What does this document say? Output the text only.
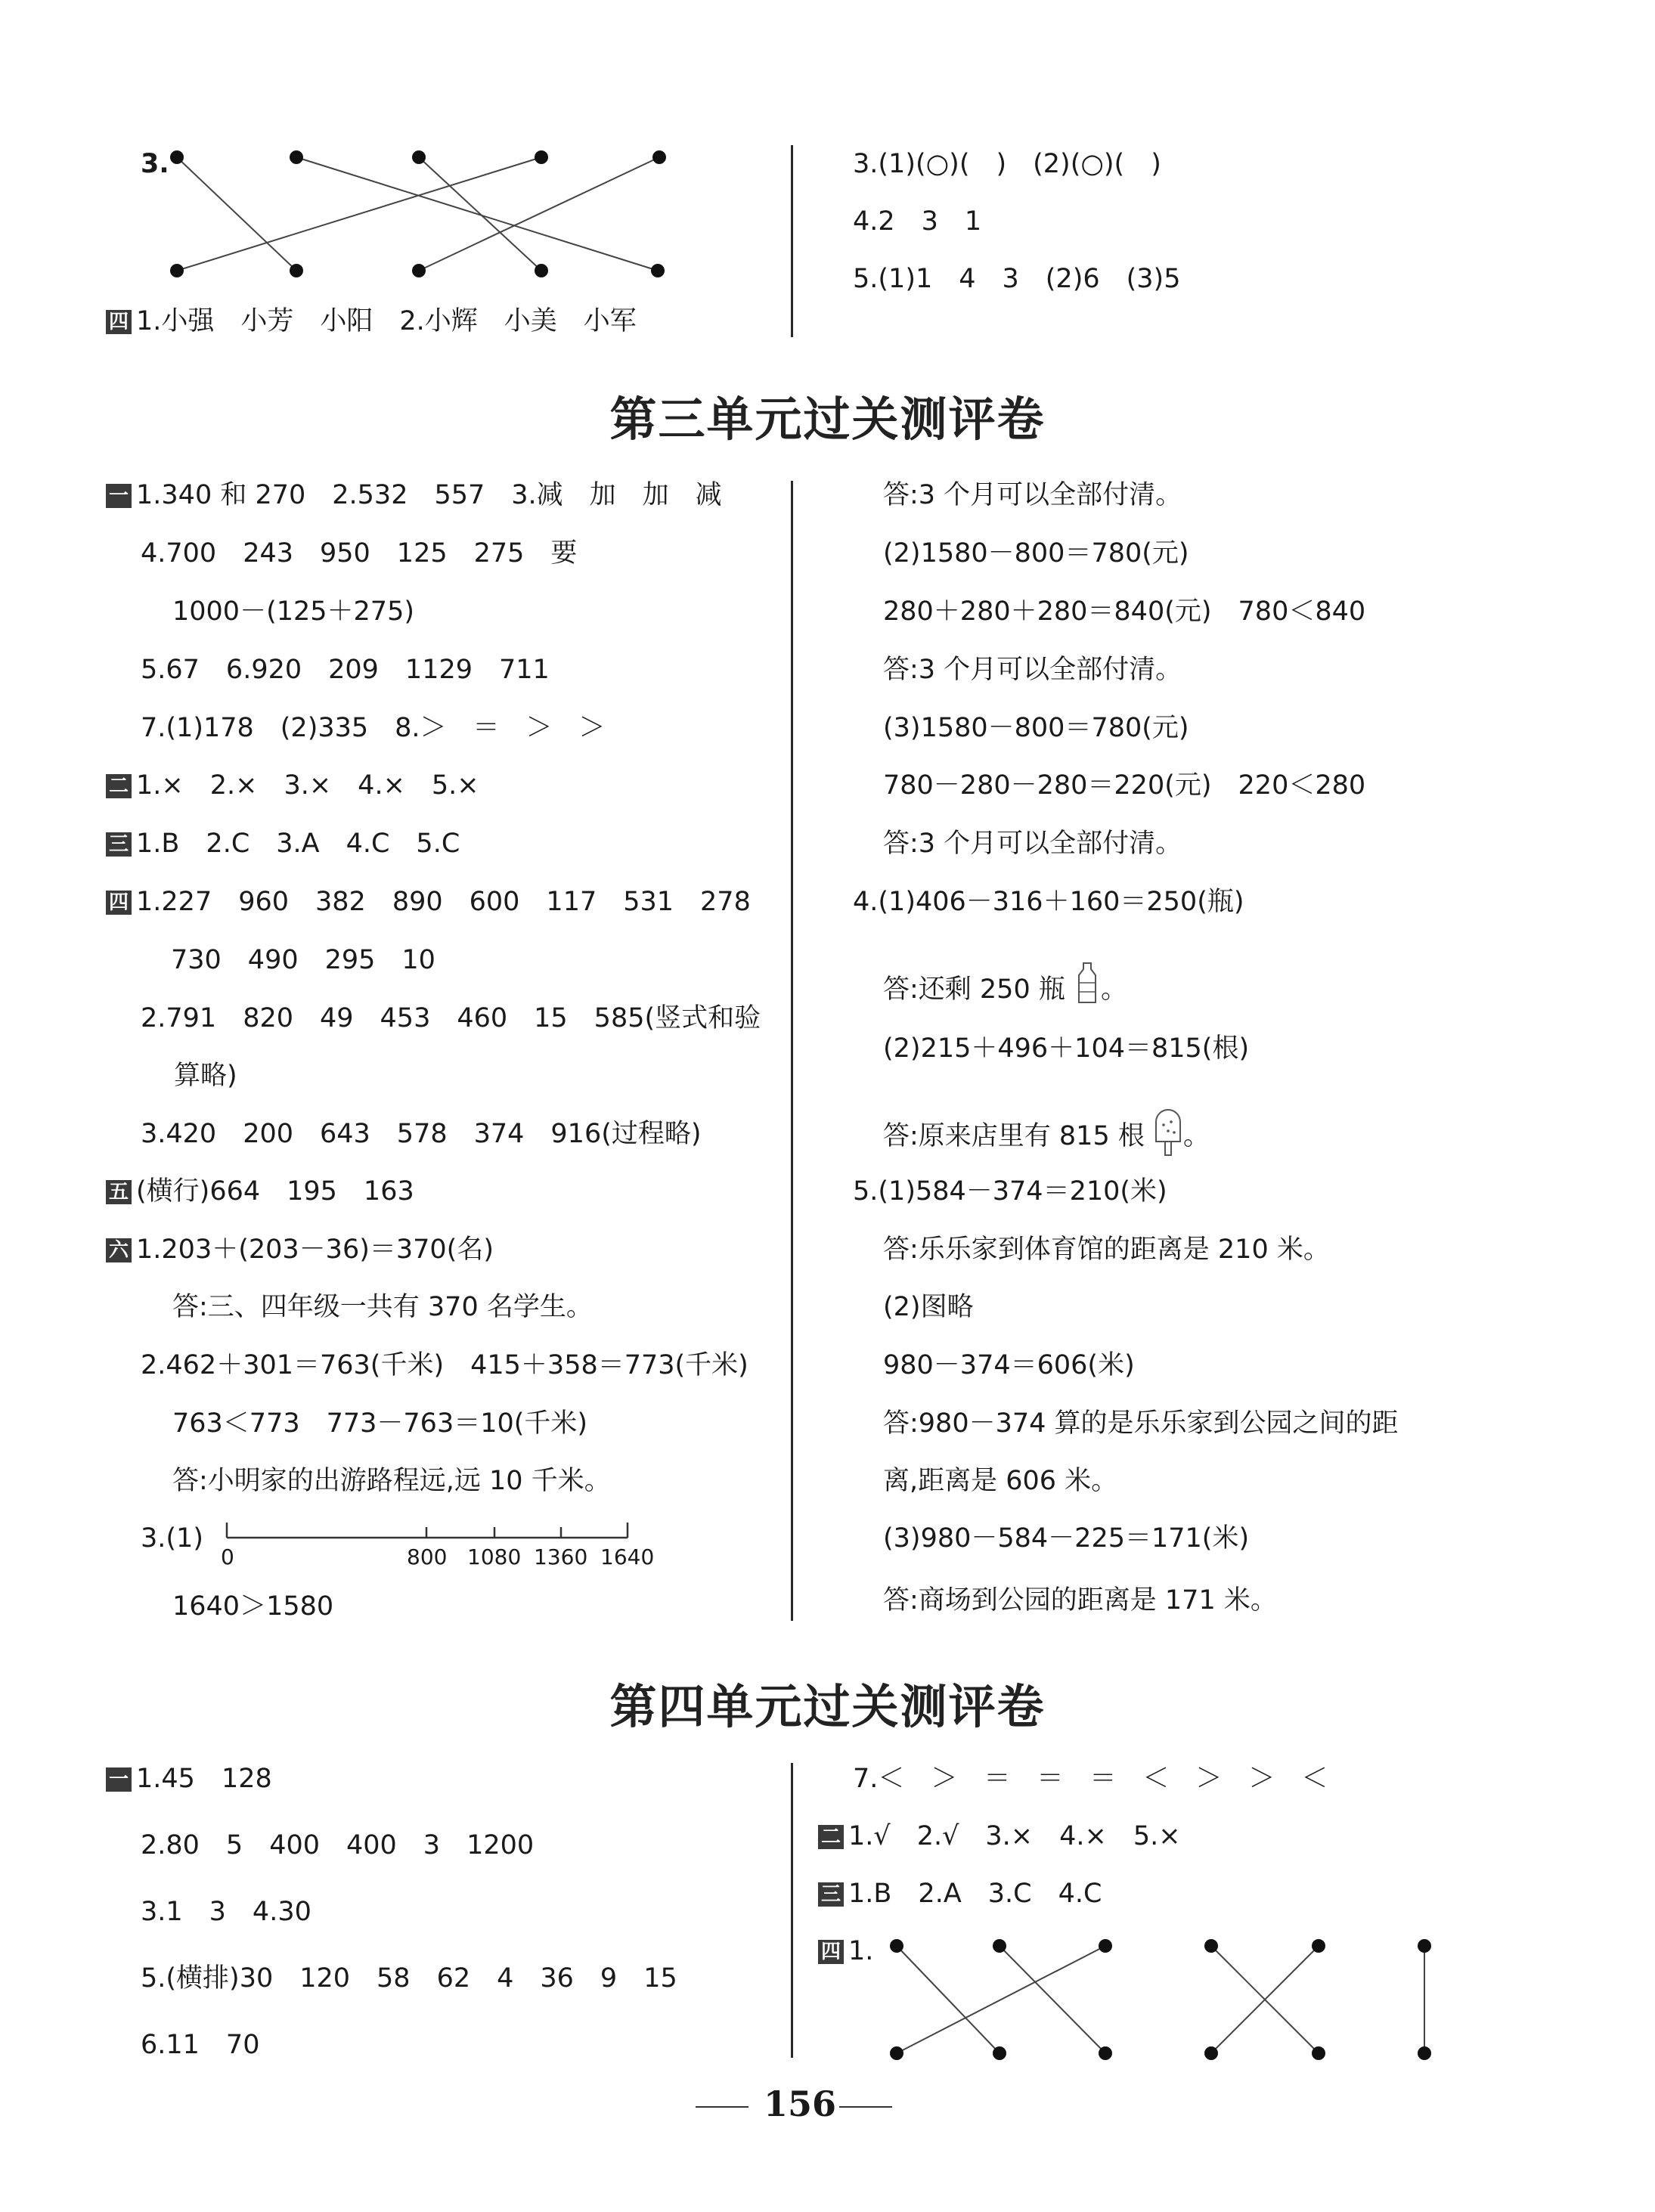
3.
四 1.小强　小芳　小阳　2.小辉　小美　小军
3.(1)(○)(　)　(2)(○)(　)
4.2　3　1
5.(1)1　4　3　(2)6　(3)5
第三单元过关测评卷
一 1.340 和 270　2.532　557　3.减　加　加　减
4.700　243　950　125　275　要
1000－(125＋275)
5.67　6.920　209　1129　711
7.(1)178　(2)335　8.＞　＝　＞　＞
二 1.×　2.×　3.×　4.×　5.×
三 1.B　2.C　3.A　4.C　5.C
四 1.227　960　382　890　600　117　531　278
730　490　295　10
2.791　820　49　453　460　15　585(竖式和验
算略)
3.420　200　643　578　374　916(过程略)
五 (横行)664　195　163
六 1.203＋(203－36)＝370(名)
答:三、四年级一共有 370 名学生。
2.462＋301＝763(千米)　415＋358＝773(千米)
763＜773　773－763＝10(千米)
答:小明家的出游路程远,远 10 千米。
3.(1)
0	800 1080 1360 1640
1640＞1580
答:3 个月可以全部付清。
(2)1580－800＝780(元)
280＋280＋280＝840(元)　780＜840
答:3 个月可以全部付清。
(3)1580－800＝780(元)
780－280－280＝220(元)　220＜280
答:3 个月可以全部付清。
4.(1)406－316＋160＝250(瓶)
答:还剩 250 瓶 。
(2)215＋496＋104＝815(根)
答:原来店里有 815 根 。
5.(1)584－374＝210(米)
答:乐乐家到体育馆的距离是 210 米。
(2)图略
980－374＝606(米)
答:980－374 算的是乐乐家到公园之间的距
离,距离是 606 米。
(3)980－584－225＝171(米)
答:商场到公园的距离是 171 米。
第四单元过关测评卷
一 1.45　128
2.80　5　400　400　3　1200
3.1　3　4.30
5.(横排)30　120　58　62　4　36　9　15
6.11　70
7.＜　＞　＝　＝　＝　＜　＞　＞　＜
二 1.√　2.√　3.×　4.×　5.×
三 1.B　2.A　3.C　4.C
四 1.
156
